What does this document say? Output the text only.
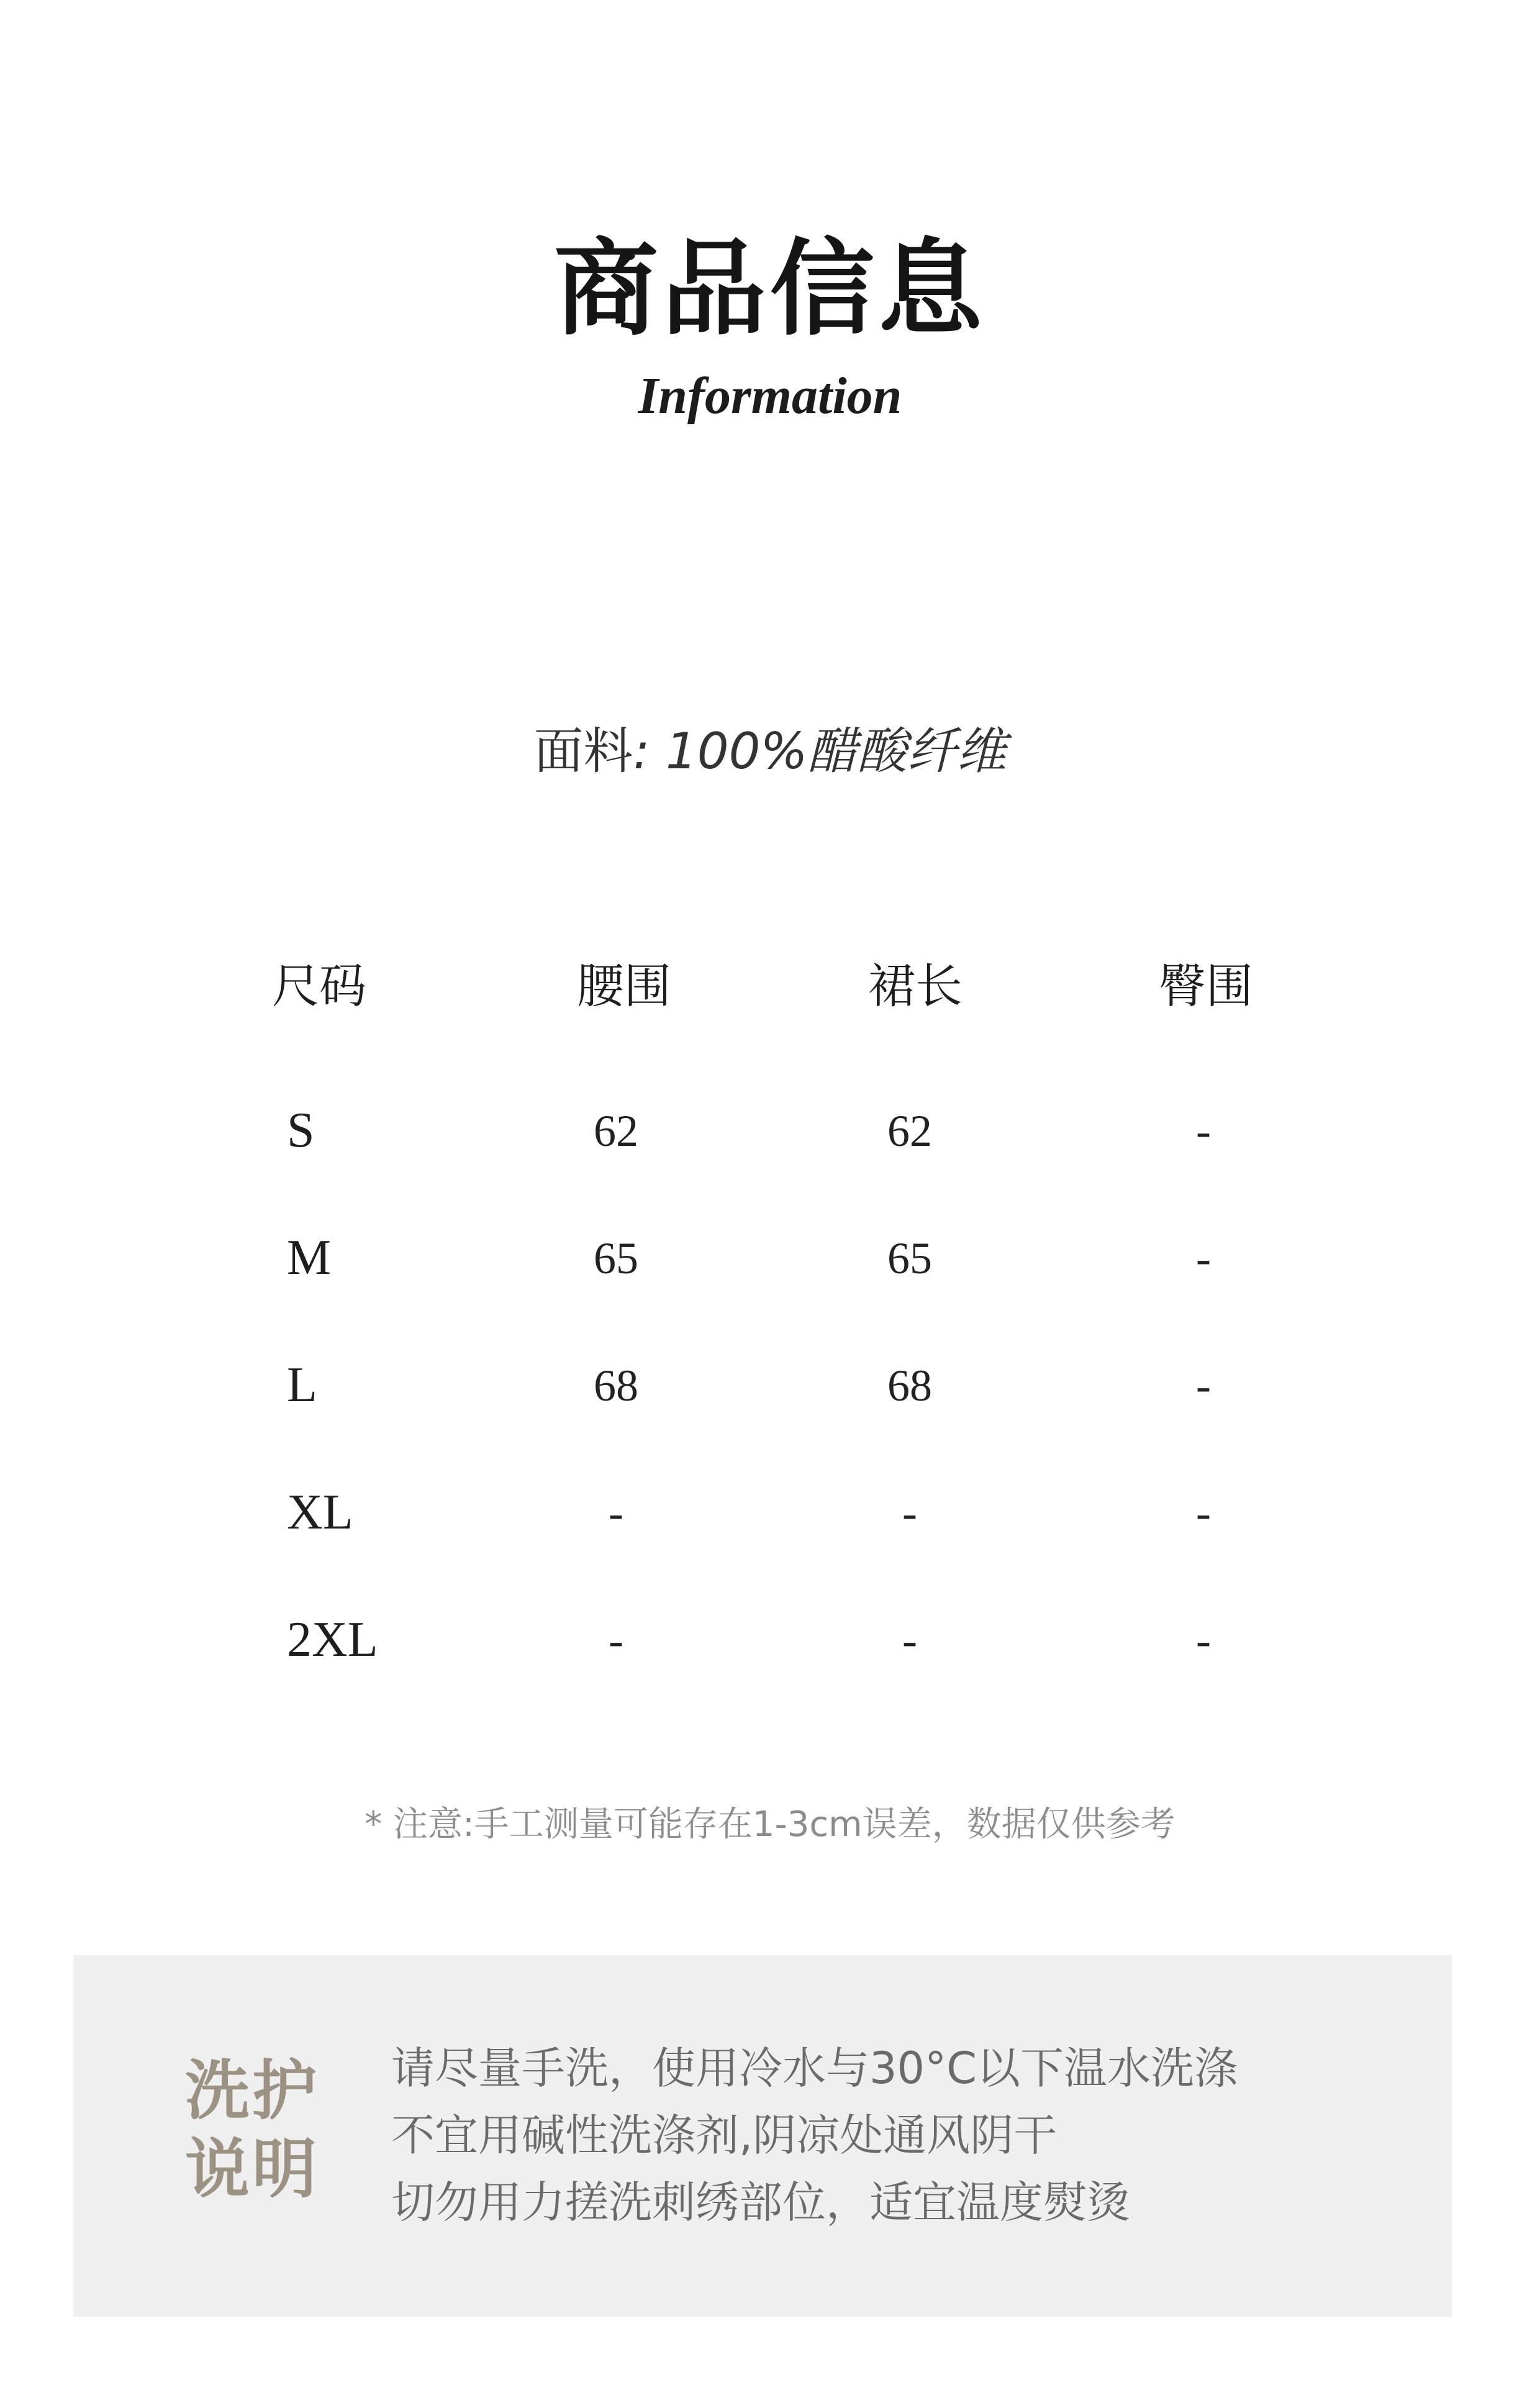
商品信息
Information
面料: 100%醋酸纤维
尺码	腰围	裙长	臀围
S	62	62	-
M	65	65	-
L	68	68	-
XL	-	-	-
2XL	-	-	-
* 注意:手工测量可能存在1-3cm误差，数据仅供参考
洗护
说明
请尽量手洗，使用冷水与30°C以下温水洗涤
不宜用碱性洗涤剂,阴凉处通风阴干
切勿用力搓洗刺绣部位，适宜温度熨烫
